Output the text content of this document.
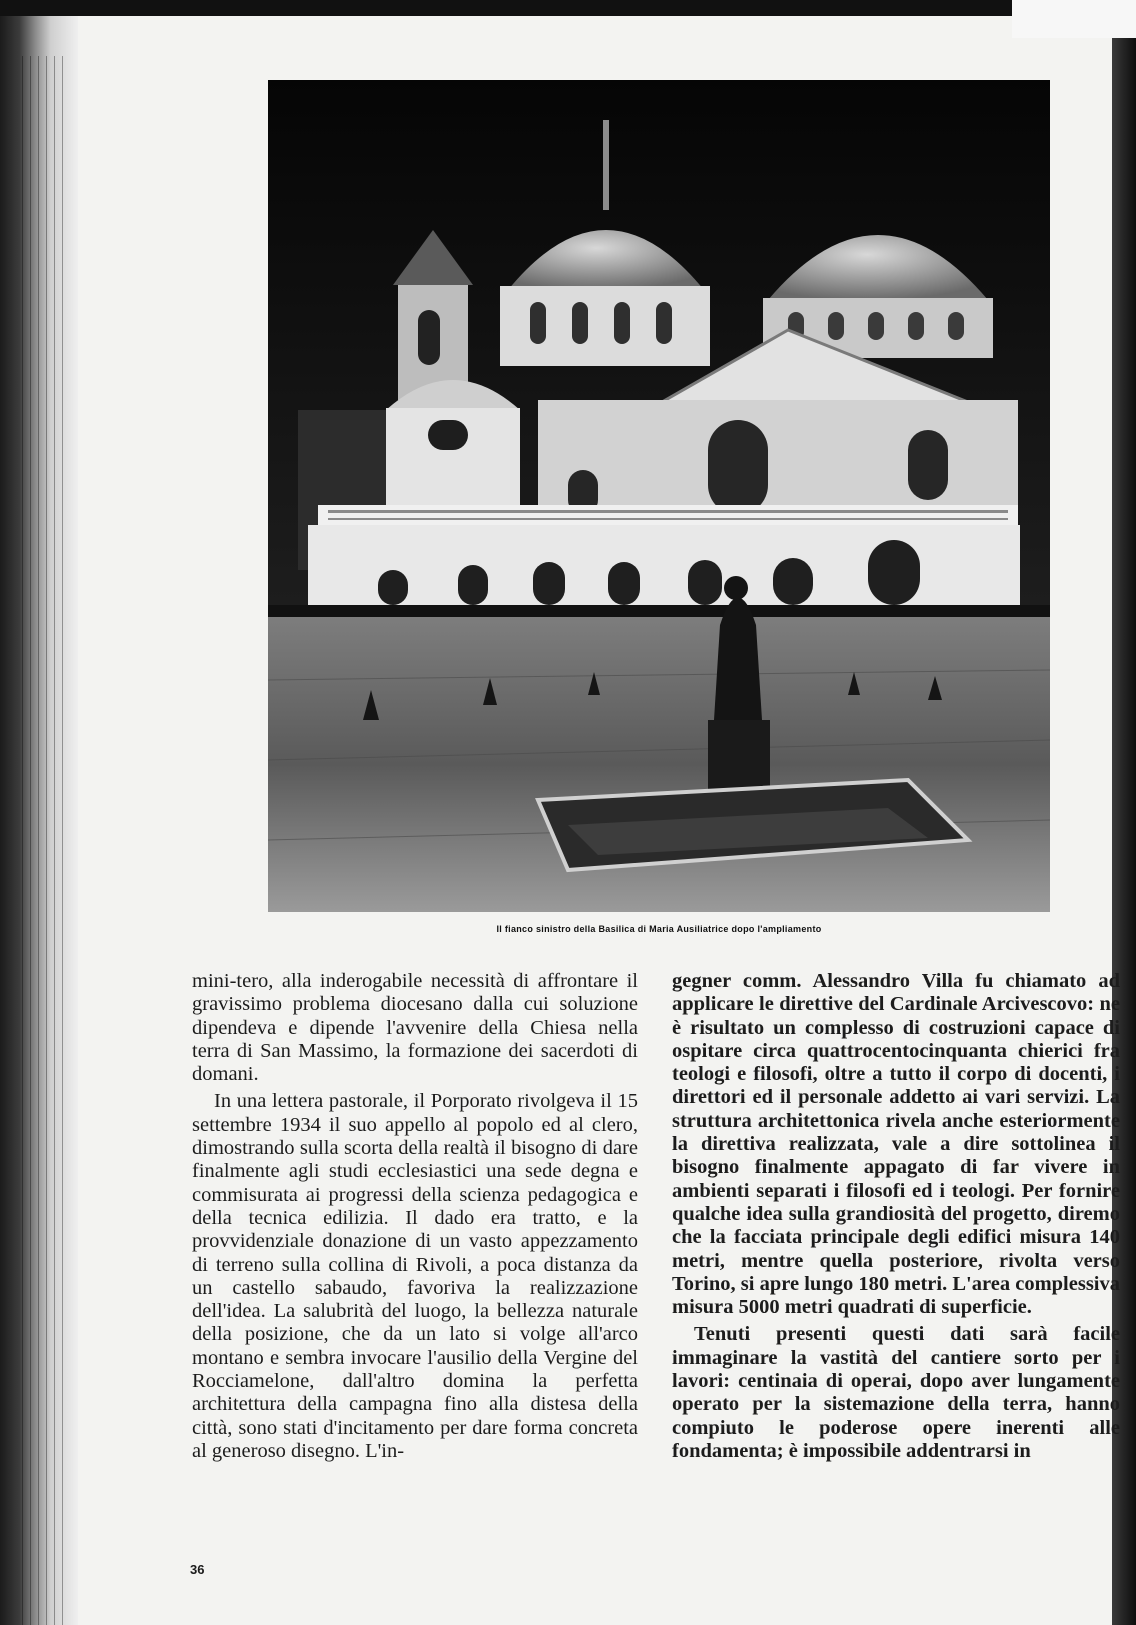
Il fianco sinistro della Basilica di Maria Ausiliatrice dopo l'ampliamento

mini-tero, alla inderogabile necessità di affrontare il gravissimo problema diocesano dalla cui soluzione dipendeva e dipende l'avvenire della Chiesa nella terra di San Massimo, la formazione dei sacerdoti di domani.

In una lettera pastorale, il Porporato rivolgeva il 15 settembre 1934 il suo appello al popolo ed al clero, dimostrando sulla scorta della realtà il bisogno di dare finalmente agli studi ecclesiastici una sede degna e commisurata ai progressi della scienza pedagogica e della tecnica edilizia. Il dado era tratto, e la provvidenziale donazione di un vasto appezzamento di terreno sulla collina di Rivoli, a poca distanza da un castello sabaudo, favoriva la realizzazione dell'idea. La salubrità del luogo, la bellezza naturale della posizione, che da un lato si volge all'arco montano e sembra invocare l'ausilio della Vergine del Rocciamelone, dall'altro domina la perfetta architettura della campagna fino alla distesa della città, sono stati d'incitamento per dare forma concreta al generoso disegno. L'in-

gegner comm. Alessandro Villa fu chiamato ad applicare le direttive del Cardinale Arcivescovo: ne è risultato un complesso di costruzioni capace di ospitare circa quattrocentocinquanta chierici fra teologi e filosofi, oltre a tutto il corpo di docenti, i direttori ed il personale addetto ai vari servizi. La struttura architettonica rivela anche esteriormente la direttiva realizzata, vale a dire sottolinea il bisogno finalmente appagato di far vivere in ambienti separati i filosofi ed i teologi. Per fornire qualche idea sulla grandiosità del progetto, diremo che la facciata principale degli edifici misura 140 metri, mentre quella posteriore, rivolta verso Torino, si apre lungo 180 metri. L'area complessiva misura 5000 metri quadrati di superficie.

Tenuti presenti questi dati sarà facile immaginare la vastità del cantiere sorto per i lavori: centinaia di operai, dopo aver lungamente operato per la sistemazione della terra, hanno compiuto le poderose opere inerenti alle fondamenta; è impossibile addentrarsi in

36
